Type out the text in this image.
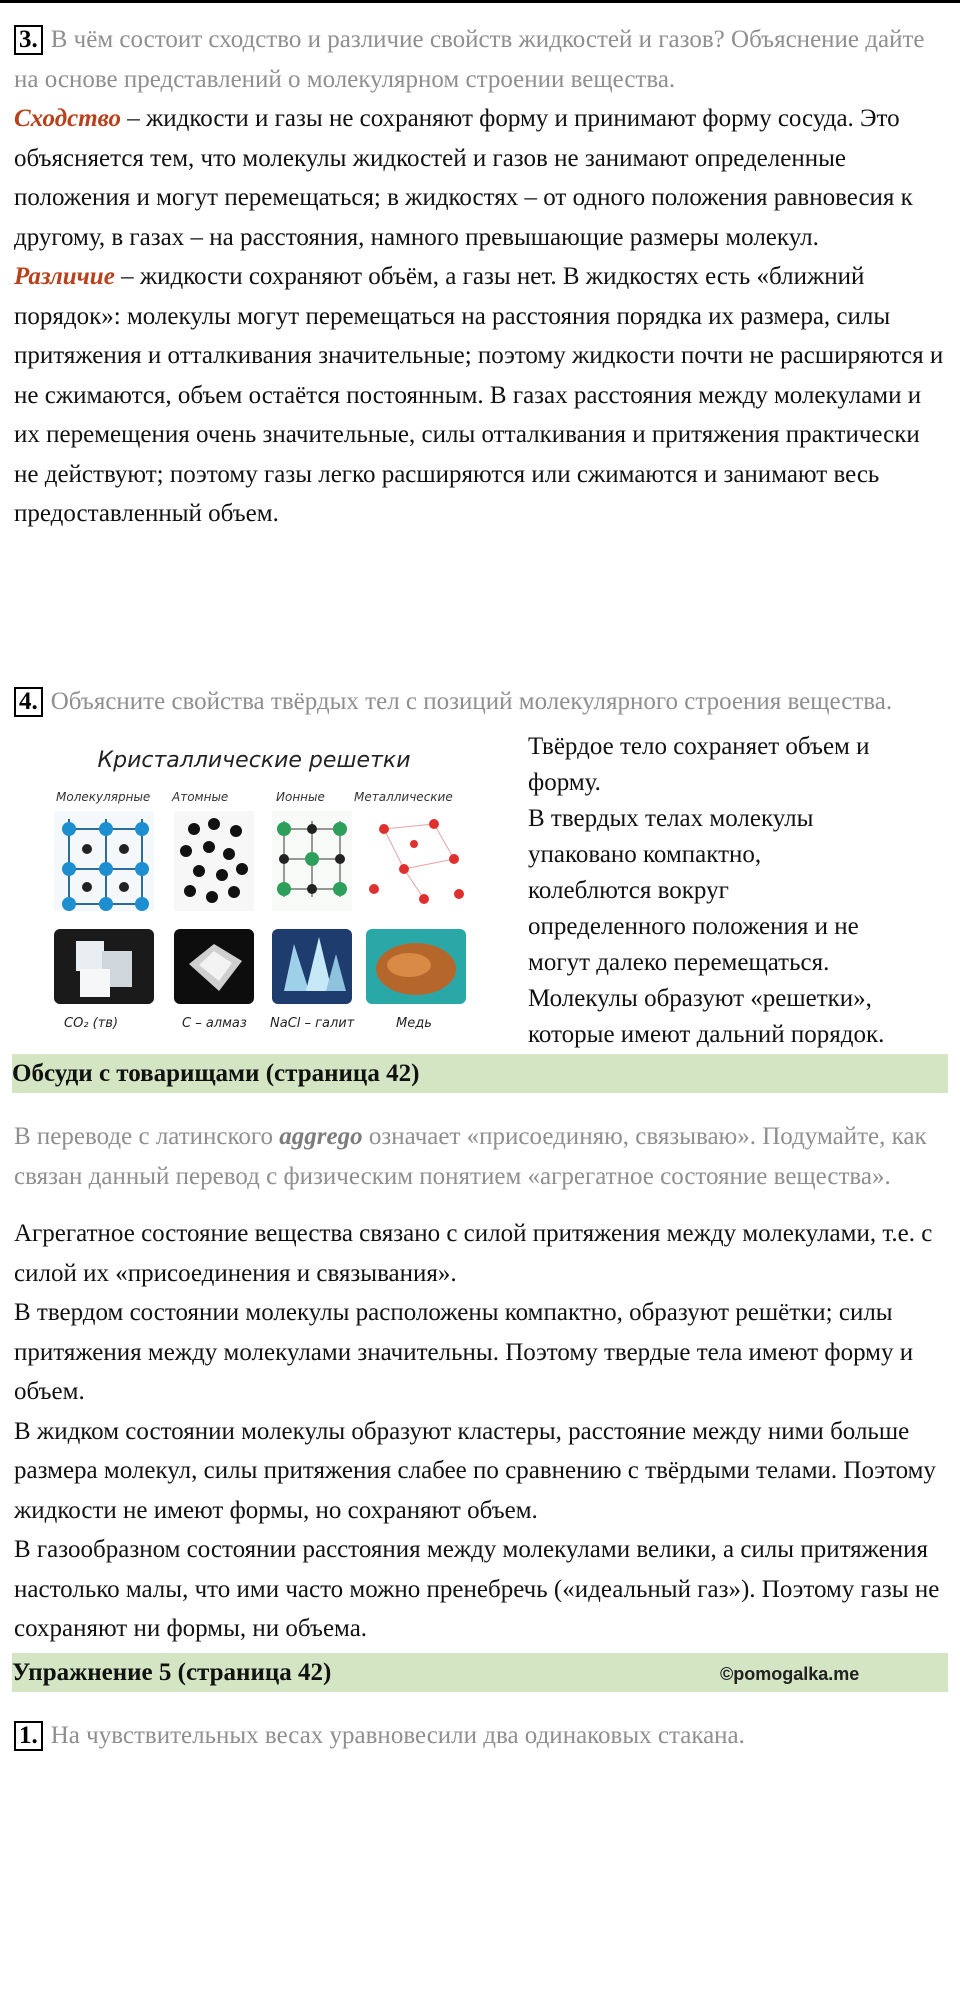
3. В чём состоит сходство и различие свойств жидкостей и газов? Объяснение дайте на основе представлений о молекулярном строении вещества.

Сходство – жидкости и газы не сохраняют форму и принимают форму сосуда. Это объясняется тем, что молекулы жидкостей и газов не занимают определенные положения и могут перемещаться; в жидкостях – от одного положения равновесия к другому, в газах – на расстояния, намного превышающие размеры молекул.

Различие – жидкости сохраняют объём, а газы нет. В жидкостях есть «ближний порядок»: молекулы могут перемещаться на расстояния порядка их размера, силы притяжения и отталкивания значительные; поэтому жидкости почти не расширяются и не сжимаются, объем остаётся постоянным. В газах расстояния между молекулами и их перемещения очень значительные, силы отталкивания и притяжения практически не действуют; поэтому газы легко расширяются или сжимаются и занимают весь предоставленный объем.

4. Объясните свойства твёрдых тел с позиций молекулярного строения вещества.

Кристаллические решетки
Молекулярные Атомные	Ионные Металлические
CO₂ (тв)	C – алмаз NaCl – галит	Медь
Твёрдое тело сохраняет объем и
форму.
В твердых телах молекулы
упаковано компактно,
колеблются вокруг
определенного положения и не
могут далеко перемещаться.
Молекулы образуют «решетки»,
которые имеют дальний порядок.
Обсуди с товарищами (страница 42)

В переводе с латинского aggrego означает «присоединяю, связываю». Подумайте, как связан данный перевод с физическим понятием «агрегатное состояние вещества».

Агрегатное состояние вещества связано с силой притяжения между молекулами, т.е. с силой их «присоединения и связывания».

В твердом состоянии молекулы расположены компактно, образуют решётки; силы притяжения между молекулами значительны. Поэтому твердые тела имеют форму и объем.

В жидком состоянии молекулы образуют кластеры, расстояние между ними больше размера молекул, силы притяжения слабее по сравнению с твёрдыми телами. Поэтому жидкости не имеют формы, но сохраняют объем.

В газообразном состоянии расстояния между молекулами велики, а силы притяжения настолько малы, что ими часто можно пренебречь («идеальный газ»). Поэтому газы не сохраняют ни формы, ни объема.

Упражнение 5 (страница 42)

1. На чувствительных весах уравновесили два одинаковых стакана.

©pomogalka.me
